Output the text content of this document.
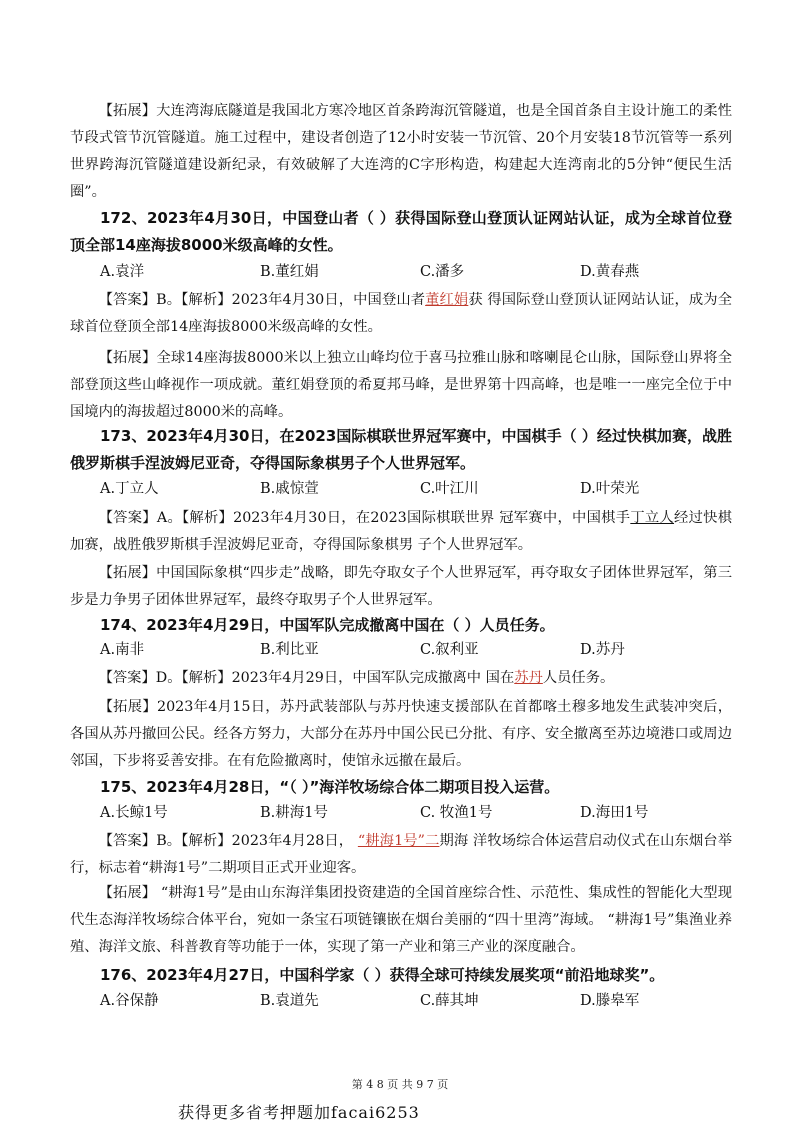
【拓展】大连湾海底隧道是我国北方寒冷地区首条跨海沉管隧道，也是全国首条自主设计施工的柔性节段式管节沉管隧道。施工过程中，建设者创造了12小时安装一节沉管、20个月安装18节沉管等一系列世界跨海沉管隧道建设新纪录，有效破解了大连湾的C字形构造，构建起大连湾南北的5分钟“便民生活圈”。

172、2023年4月30日，中国登山者（ ）获得国际登山登顶认证网站认证，成为全球首位登顶全部14座海拔8000米级高峰的女性。

A.袁洋	B.董红娟	C.潘多	D.黄春燕

【答案】B。【解析】2023年4月30日，中国登山者董红娟获 得国际登山登顶认证网站认证，成为全球首位登顶全部14座海拔8000米级高峰的女性。

【拓展】全球14座海拔8000米以上独立山峰均位于喜马拉雅山脉和喀喇昆仑山脉，国际登山界将全部登顶这些山峰视作一项成就。董红娟登顶的希夏邦马峰，是世界第十四高峰，也是唯一一座完全位于中国境内的海拔超过8000米的高峰。

173、2023年4月30日，在2023国际棋联世界冠军赛中，中国棋手（ ）经过快棋加赛，战胜俄罗斯棋手涅波姆尼亚奇，夺得国际象棋男子个人世界冠军。

A.丁立人	B.戚惊萱	C.叶江川	D.叶荣光

【答案】A。【解析】2023年4月30日，在2023国际棋联世界 冠军赛中，中国棋手丁立人经过快棋加赛，战胜俄罗斯棋手涅波姆尼亚奇，夺得国际象棋男 子个人世界冠军。

【拓展】中国国际象棋“四步走”战略，即先夺取女子个人世界冠军，再夺取女子团体世界冠军，第三步是力争男子团体世界冠军，最终夺取男子个人世界冠军。

174、2023年4月29日，中国军队完成撤离中国在（ ）人员任务。

A.南非	B.利比亚	C.叙利亚	D.苏丹

【答案】D。【解析】2023年4月29日，中国军队完成撤离中 国在苏丹人员任务。

【拓展】2023年4月15日，苏丹武装部队与苏丹快速支援部队在首都喀土穆多地发生武装冲突后，各国从苏丹撤回公民。经各方努力，大部分在苏丹中国公民已分批、有序、安全撤离至苏边境港口或周边邻国，下步将妥善安排。在有危险撤离时，使馆永远撤在最后。

175、2023年4月28日，“（ ）”海洋牧场综合体二期项目投入运营。

A.长鲸1号	B.耕海1号	C. 牧渔1号	D.海田1号

【答案】B。【解析】2023年4月28日， “耕海1号”二期海 洋牧场综合体运营启动仪式在山东烟台举行，标志着“耕海1号”二期项目正式开业迎客。

【拓展】 “耕海1号”是由山东海洋集团投资建造的全国首座综合性、示范性、集成性的智能化大型现代生态海洋牧场综合体平台，宛如一条宝石项链镶嵌在烟台美丽的“四十里湾”海域。 “耕海1号”集渔业养殖、海洋文旅、科普教育等功能于一体，实现了第一产业和第三产业的深度融合。

176、2023年4月27日，中国科学家（ ）获得全球可持续发展奖项“前沿地球奖”。

A.谷保静	B.袁道先	C.薛其坤	D.滕皋军
第 4 8 页 共 9 7 页
获得更多省考押题加facai6253
